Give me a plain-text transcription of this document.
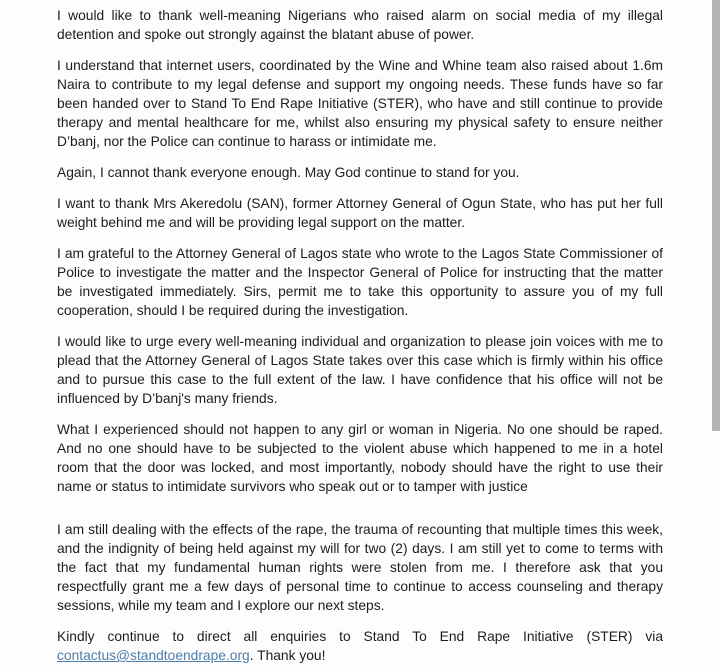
I would like to thank well-meaning Nigerians who raised alarm on social media of my illegal detention and spoke out strongly against the blatant abuse of power.

I understand that internet users, coordinated by the Wine and Whine team also raised about 1.6m Naira to contribute to my legal defense and support my ongoing needs. These funds have so far been handed over to Stand To End Rape Initiative (STER), who have and still continue to provide therapy and mental healthcare for me, whilst also ensuring my physical safety to ensure neither D’banj, nor the Police can continue to harass or intimidate me.

Again, I cannot thank everyone enough. May God continue to stand for you.

I want to thank Mrs Akeredolu (SAN), former Attorney General of Ogun State, who has put her full weight behind me and will be providing legal support on the matter.

I am grateful to the Attorney General of Lagos state who wrote to the Lagos State Commissioner of Police to investigate the matter and the Inspector General of Police for instructing that the matter be investigated immediately. Sirs, permit me to take this opportunity to assure you of my full cooperation, should I be required during the investigation.

I would like to urge every well-meaning individual and organization to please join voices with me to plead that the Attorney General of Lagos State takes over this case which is firmly within his office and to pursue this case to the full extent of the law. I have confidence that his office will not be influenced by D’banj's many friends.

What I experienced should not happen to any girl or woman in Nigeria. No one should be raped. And no one should have to be subjected to the violent abuse which happened to me in a hotel room that the door was locked, and most importantly, nobody should have the right to use their name or status to intimidate survivors who speak out or to tamper with justice

I am still dealing with the effects of the rape, the trauma of recounting that multiple times this week, and the indignity of being held against my will for two (2) days. I am still yet to come to terms with the fact that my fundamental human rights were stolen from me. I therefore ask that you respectfully grant me a few days of personal time to continue to access counseling and therapy sessions, while my team and I explore our next steps.

Kindly continue to direct all enquiries to Stand To End Rape Initiative (STER) via contactus@standtoendrape.org. Thank you!
